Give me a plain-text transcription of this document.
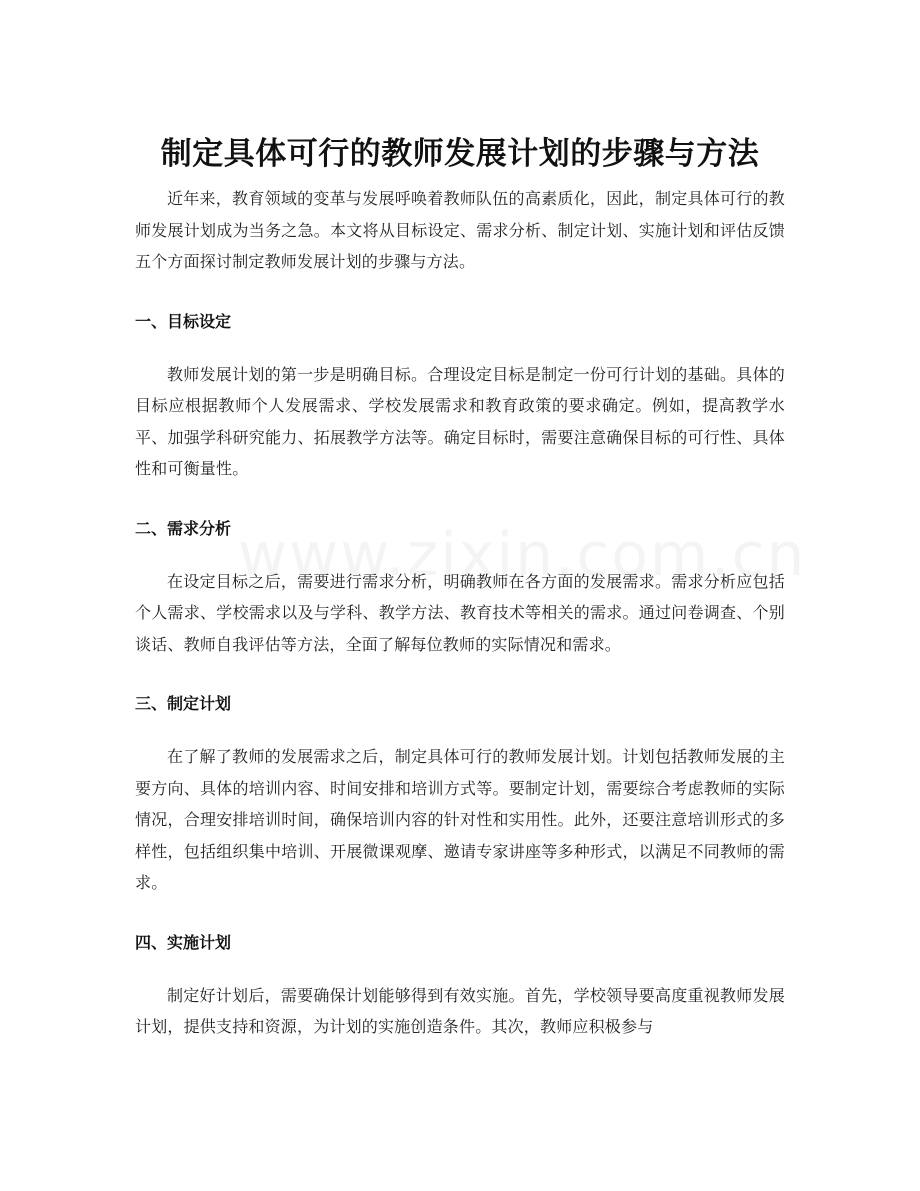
制定具体可行的教师发展计划的步骤与方法

近年来，教育领域的变革与发展呼唤着教师队伍的高素质化，因此，制定具体可行的教师发展计划成为当务之急。本文将从目标设定、需求分析、制定计划、实施计划和评估反馈五个方面探讨制定教师发展计划的步骤与方法。

一、目标设定

教师发展计划的第一步是明确目标。合理设定目标是制定一份可行计划的基础。具体的目标应根据教师个人发展需求、学校发展需求和教育政策的要求确定。例如，提高教学水平、加强学科研究能力、拓展教学方法等。确定目标时，需要注意确保目标的可行性、具体性和可衡量性。

二、需求分析

在设定目标之后，需要进行需求分析，明确教师在各方面的发展需求。需求分析应包括个人需求、学校需求以及与学科、教学方法、教育技术等相关的需求。通过问卷调查、个别谈话、教师自我评估等方法，全面了解每位教师的实际情况和需求。

三、制定计划

在了解了教师的发展需求之后，制定具体可行的教师发展计划。计划包括教师发展的主要方向、具体的培训内容、时间安排和培训方式等。要制定计划，需要综合考虑教师的实际情况，合理安排培训时间，确保培训内容的针对性和实用性。此外，还要注意培训形式的多样性，包括组织集中培训、开展微课观摩、邀请专家讲座等多种形式，以满足不同教师的需求。

四、实施计划

制定好计划后，需要确保计划能够得到有效实施。首先，学校领导要高度重视教师发展计划，提供支持和资源，为计划的实施创造条件。其次，教师应积极参与
